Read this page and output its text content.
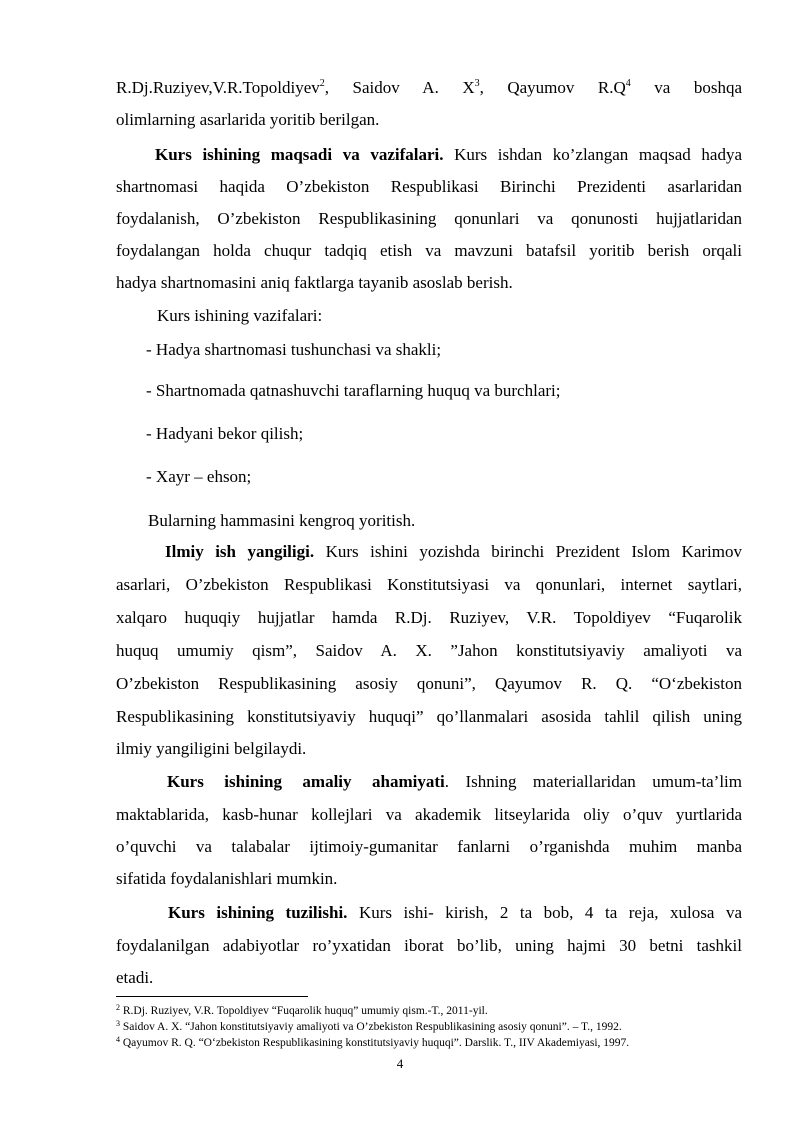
R.Dj.Ruziyev,V.R.Topoldiyev$^2$, Saidov A. $X^3$, Qayumov $R.Q^4$ va boshqa
olimlarning asarlarida yoritib berilgan.
Kurs ishining maqsadi va vazifalari. Kurs ishdan ko’zlangan maqsad hadya
shartnomasi haqida O’zbekiston Respublikasi Birinchi Prezidenti asarlaridan
foydalanish, O’zbekiston Respublikasining qonunlari va qonunosti hujjatlaridan
foydalangan holda chuqur tadqiq etish va mavzuni batafsil yoritib berish orqali
hadya shartnomasini aniq faktlarga tayanib asoslab berish.
Kurs ishining vazifalari:
- Hadya shartnomasi tushunchasi va shakli;
- Shartnomada qatnashuvchi taraflarning huquq va burchlari;
- Hadyani bekor qilish;
- Xayr – ehson;
Bularning hammasini kengroq yoritish.
Ilmiy ish yangiligi. Kurs ishini yozishda birinchi Prezident Islom Karimov
asarlari, O’zbekiston Respublikasi Konstitutsiyasi va qonunlari, internet saytlari,
xalqaro huquqiy hujjatlar hamda R.Dj. Ruziyev, V.R. Topoldiyev “Fuqarolik
huquq umumiy qism”, Saidov A. X. ”Jahon konstitutsiyaviy amaliyoti va
O’zbekiston Respublikasining asosiy qonuni”, Qayumov R. Q. “O‘zbekiston
Respublikasining konstitutsiyaviy huquqi” qo’llanmalari asosida tahlil qilish uning
ilmiy yangiligini belgilaydi.
Kurs ishining amaliy ahamiyati. Ishning materiallaridan umum-ta’lim
maktablarida, kasb-hunar kollejlari va akademik litseylarida oliy o’quv yurtlarida
o’quvchi va talabalar ijtimoiy-gumanitar fanlarni o’rganishda muhim manba
sifatida foydalanishlari mumkin.
Kurs ishining tuzilishi. Kurs ishi- kirish, 2 ta bob, 4 ta reja, xulosa va
foydalanilgan adabiyotlar ro’yxatidan iborat bo’lib, uning hajmi 30 betni tashkil
etadi.
$^2$ R.Dj. Ruziyev, V.R. Topoldiyev “Fuqarolik huquq” umumiy qism.-T., 2011-yil.
$^3$ Saidov A. X. “Jahon konstitutsiyaviy amaliyoti va O’zbekiston Respublikasining asosiy qonuni”. – T., 1992.
$^4$ Qayumov R. Q. “O‘zbekiston Respublikasining konstitutsiyaviy huquqi”. Darslik. T., IIV Akademiyasi, 1997.
4
